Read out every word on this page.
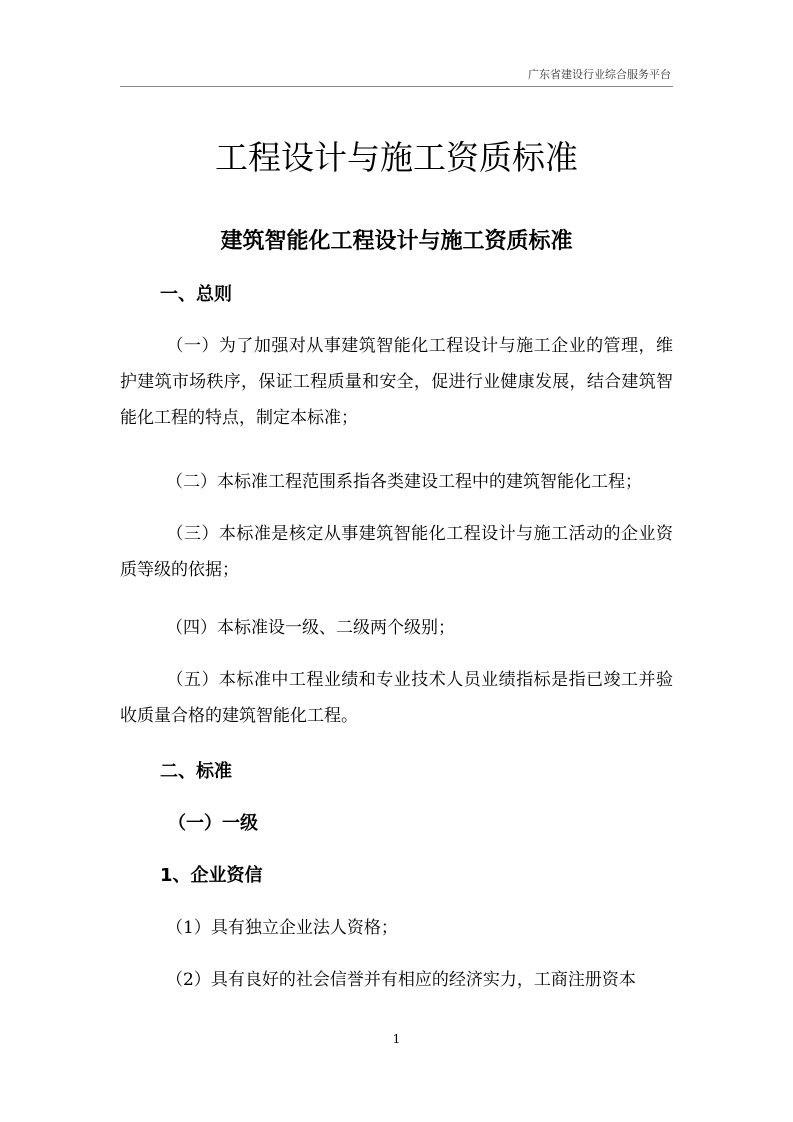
广东省建设行业综合服务平台
工程设计与施工资质标准
建筑智能化工程设计与施工资质标准
一、总则
（一）为了加强对从事建筑智能化工程设计与施工企业的管理，维护建筑市场秩序，保证工程质量和安全，促进行业健康发展，结合建筑智能化工程的特点，制定本标准；
（二）本标准工程范围系指各类建设工程中的建筑智能化工程；
（三）本标准是核定从事建筑智能化工程设计与施工活动的企业资质等级的依据；
（四）本标准设一级、二级两个级别；
（五）本标准中工程业绩和专业技术人员业绩指标是指已竣工并验收质量合格的建筑智能化工程。
二、标准
（一）一级
1、企业资信
（1）具有独立企业法人资格；
（2）具有良好的社会信誉并有相应的经济实力，工商注册资本
1
